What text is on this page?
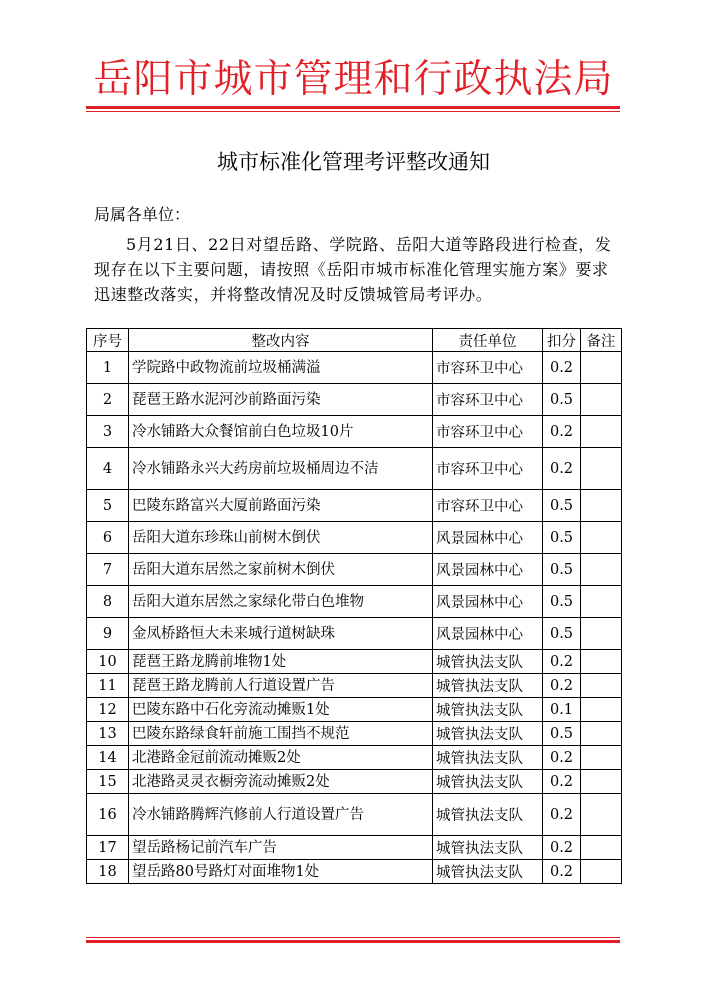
岳阳市城市管理和行政执法局
城市标准化管理考评整改通知
局属各单位：
5月21日、22日对望岳路、学院路、岳阳大道等路段进行检查，发现存在以下主要问题，请按照《岳阳市城市标准化管理实施方案》要求迅速整改落实，并将整改情况及时反馈城管局考评办。
序号	整改内容	责任单位	扣分	备注
1	学院路中政物流前垃圾桶满溢	市容环卫中心	0.2	
2	琵琶王路水泥河沙前路面污染	市容环卫中心	0.5	
3	冷水铺路大众餐馆前白色垃圾10片	市容环卫中心	0.2	
4	冷水铺路永兴大药房前垃圾桶周边不洁	市容环卫中心	0.2	
5	巴陵东路富兴大厦前路面污染	市容环卫中心	0.5	
6	岳阳大道东珍珠山前树木倒伏	风景园林中心	0.5	
7	岳阳大道东居然之家前树木倒伏	风景园林中心	0.5	
8	岳阳大道东居然之家绿化带白色堆物	风景园林中心	0.5	
9	金凤桥路恒大未来城行道树缺珠	风景园林中心	0.5	
10	琵琶王路龙腾前堆物1处	城管执法支队	0.2	
11	琵琶王路龙腾前人行道设置广告	城管执法支队	0.2	
12	巴陵东路中石化旁流动摊贩1处	城管执法支队	0.1	
13	巴陵东路绿食轩前施工围挡不规范	城管执法支队	0.5	
14	北港路金冠前流动摊贩2处	城管执法支队	0.2	
15	北港路灵灵衣橱旁流动摊贩2处	城管执法支队	0.2	
16	冷水铺路腾辉汽修前人行道设置广告	城管执法支队	0.2	
17	望岳路杨记前汽车广告	城管执法支队	0.2	
18	望岳路80号路灯对面堆物1处	城管执法支队	0.2	
